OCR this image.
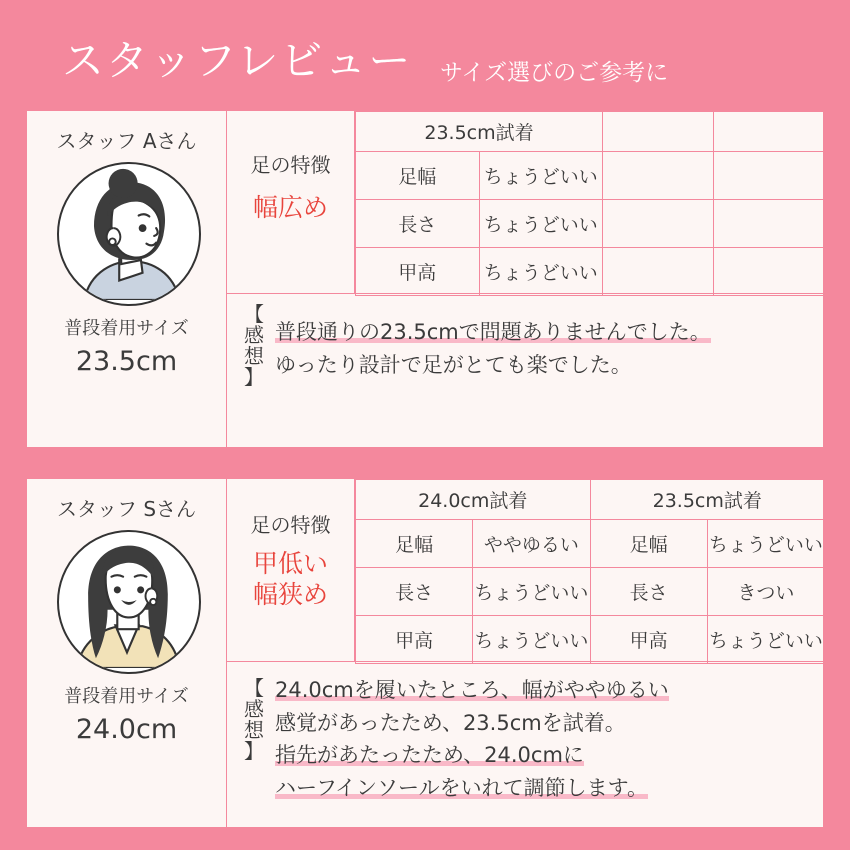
スタッフレビュー サイズ選びのご参考に
スタッフ Aさん
普段着用サイズ
23.5cm
足の特徴
幅広め
23.5cm試着			
足幅	ちょうどいい		
長さ	ちょうどいい		
甲高	ちょうどいい		
【
感
想
】
普段通りの23.5cmで問題ありませんでした。
ゆったり設計で足がとても楽でした。
スタッフ Sさん
普段着用サイズ
24.0cm
足の特徴
甲低い
幅狭め
24.0cm試着		23.5cm試着	
足幅	ややゆるい	足幅	ちょうどいい
長さ	ちょうどいい	長さ	きつい
甲高	ちょうどいい	甲高	ちょうどいい
【
感
想
】
24.0cmを履いたところ、幅がややゆるい
感覚があったため、23.5cmを試着。
指先があたったため、24.0cmに
ハーフインソールをいれて調節します。
